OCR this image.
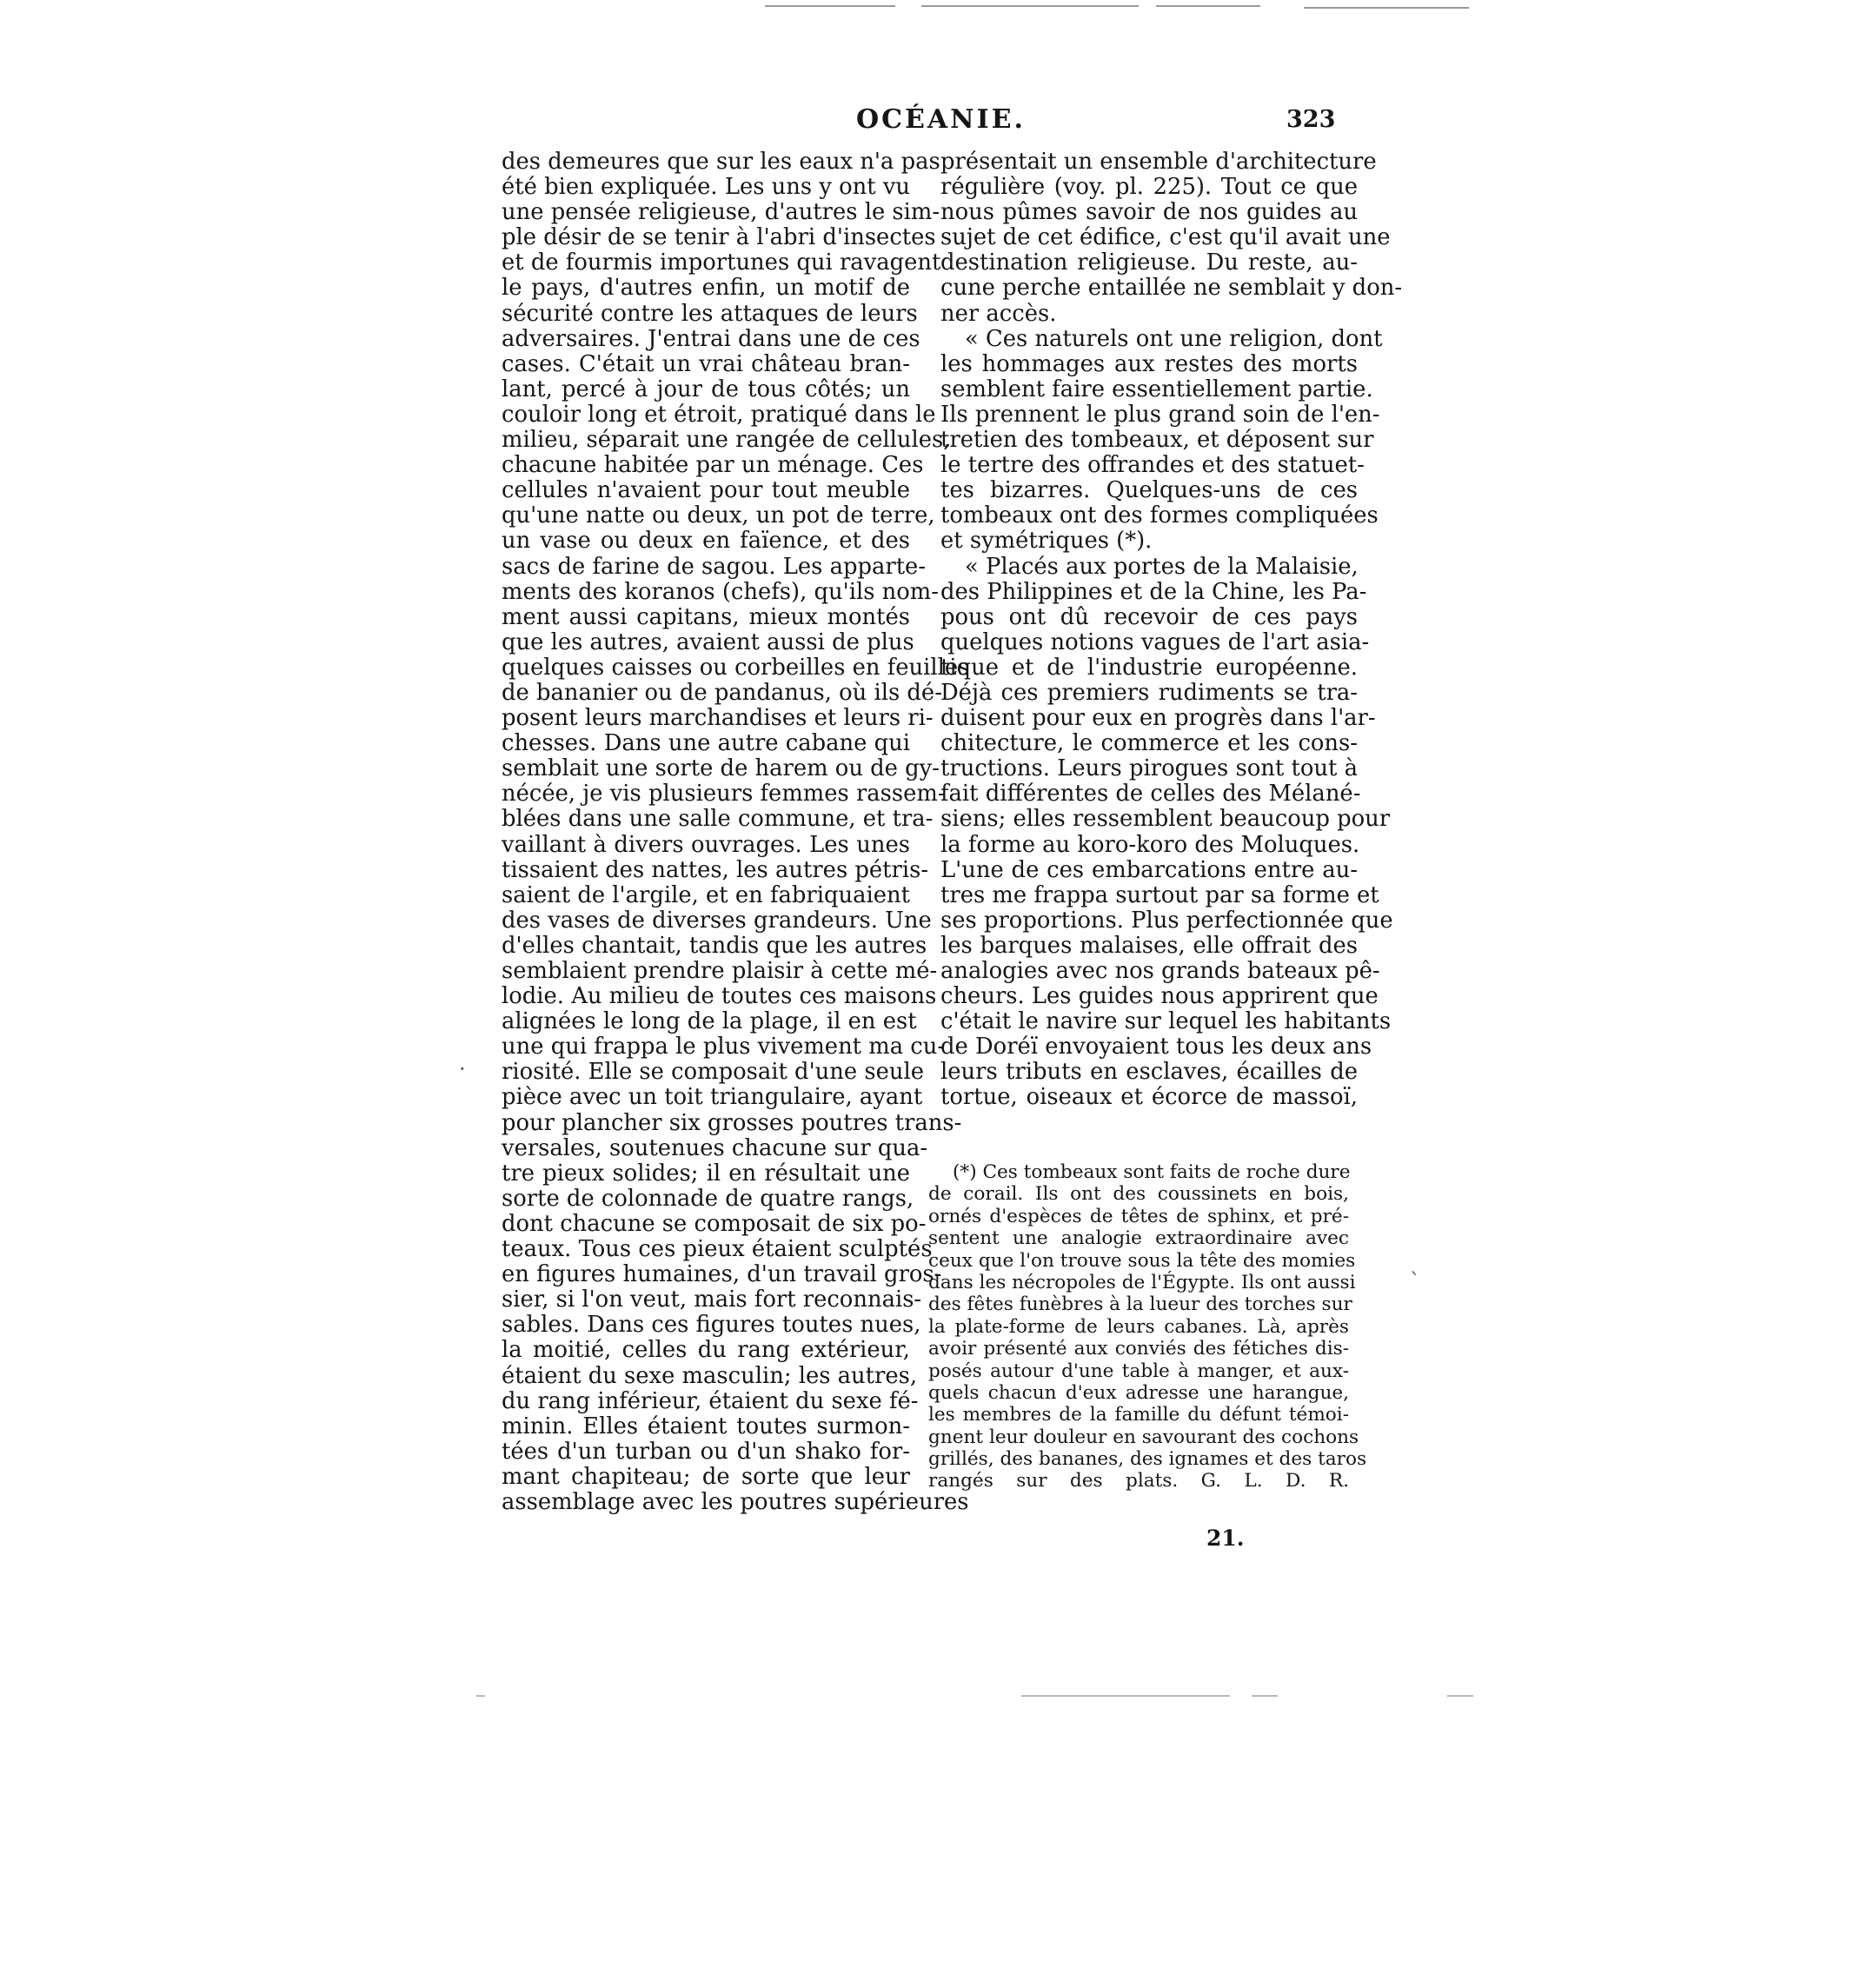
·
`
OCÉANIE.	323
des demeures que sur les eaux n'a pas
été bien expliquée. Les uns y ont vu
une pensée religieuse, d'autres le sim-
ple désir de se tenir à l'abri d'insectes
et de fourmis importunes qui ravagent
le pays, d'autres enfin, un motif de
sécurité contre les attaques de leurs
adversaires. J'entrai dans une de ces
cases. C'était un vrai château bran-
lant, percé à jour de tous côtés; un
couloir long et étroit, pratiqué dans le
milieu, séparait une rangée de cellules,
chacune habitée par un ménage. Ces
cellules n'avaient pour tout meuble
qu'une natte ou deux, un pot de terre,
un vase ou deux en faïence, et des
sacs de farine de sagou. Les apparte-
ments des koranos (chefs), qu'ils nom-
ment aussi capitans, mieux montés
que les autres, avaient aussi de plus
quelques caisses ou corbeilles en feuilles
de bananier ou de pandanus, où ils dé-
posent leurs marchandises et leurs ri-
chesses. Dans une autre cabane qui
semblait une sorte de harem ou de gy-
nécée, je vis plusieurs femmes rassem-
blées dans une salle commune, et tra-
vaillant à divers ouvrages. Les unes
tissaient des nattes, les autres pétris-
saient de l'argile, et en fabriquaient
des vases de diverses grandeurs. Une
d'elles chantait, tandis que les autres
semblaient prendre plaisir à cette mé-
lodie. Au milieu de toutes ces maisons
alignées le long de la plage, il en est
une qui frappa le plus vivement ma cu-
riosité. Elle se composait d'une seule
pièce avec un toit triangulaire, ayant
pour plancher six grosses poutres trans-
versales, soutenues chacune sur qua-
tre pieux solides; il en résultait une
sorte de colonnade de quatre rangs,
dont chacune se composait de six po-
teaux. Tous ces pieux étaient sculptés
en figures humaines, d'un travail gros-
sier, si l'on veut, mais fort reconnais-
sables. Dans ces figures toutes nues,
la moitié, celles du rang extérieur,
étaient du sexe masculin; les autres,
du rang inférieur, étaient du sexe fé-
minin. Elles étaient toutes surmon-
tées d'un turban ou d'un shako for-
mant chapiteau; de sorte que leur
assemblage avec les poutres supérieures
présentait un ensemble d'architecture
régulière (voy. pl. 225). Tout ce que
nous pûmes savoir de nos guides au
sujet de cet édifice, c'est qu'il avait une
destination religieuse. Du reste, au-
cune perche entaillée ne semblait y don-
ner accès.
« Ces naturels ont une religion, dont
les hommages aux restes des morts
semblent faire essentiellement partie.
Ils prennent le plus grand soin de l'en-
tretien des tombeaux, et déposent sur
le tertre des offrandes et des statuet-
tes bizarres. Quelques-uns de ces
tombeaux ont des formes compliquées
et symétriques (*).
« Placés aux portes de la Malaisie,
des Philippines et de la Chine, les Pa-
pous ont dû recevoir de ces pays
quelques notions vagues de l'art asia-
tique et de l'industrie européenne.
Déjà ces premiers rudiments se tra-
duisent pour eux en progrès dans l'ar-
chitecture, le commerce et les cons-
tructions. Leurs pirogues sont tout à
fait différentes de celles des Mélané-
siens; elles ressemblent beaucoup pour
la forme au koro-koro des Moluques.
L'une de ces embarcations entre au-
tres me frappa surtout par sa forme et
ses proportions. Plus perfectionnée que
les barques malaises, elle offrait des
analogies avec nos grands bateaux pê-
cheurs. Les guides nous apprirent que
c'était le navire sur lequel les habitants
de Doréï envoyaient tous les deux ans
leurs tributs en esclaves, écailles de
tortue, oiseaux et écorce de massoï,
(*) Ces tombeaux sont faits de roche dure
de corail. Ils ont des coussinets en bois,
ornés d'espèces de têtes de sphinx, et pré-
sentent une analogie extraordinaire avec
ceux que l'on trouve sous la tête des momies
dans les nécropoles de l'Égypte. Ils ont aussi
des fêtes funèbres à la lueur des torches sur
la plate-forme de leurs cabanes. Là, après
avoir présenté aux conviés des fétiches dis-
posés autour d'une table à manger, et aux-
quels chacun d'eux adresse une harangue,
les membres de la famille du défunt témoi-
gnent leur douleur en savourant des cochons
grillés, des bananes, des ignames et des taros
rangés sur des plats. G. L. D. R.
21.
